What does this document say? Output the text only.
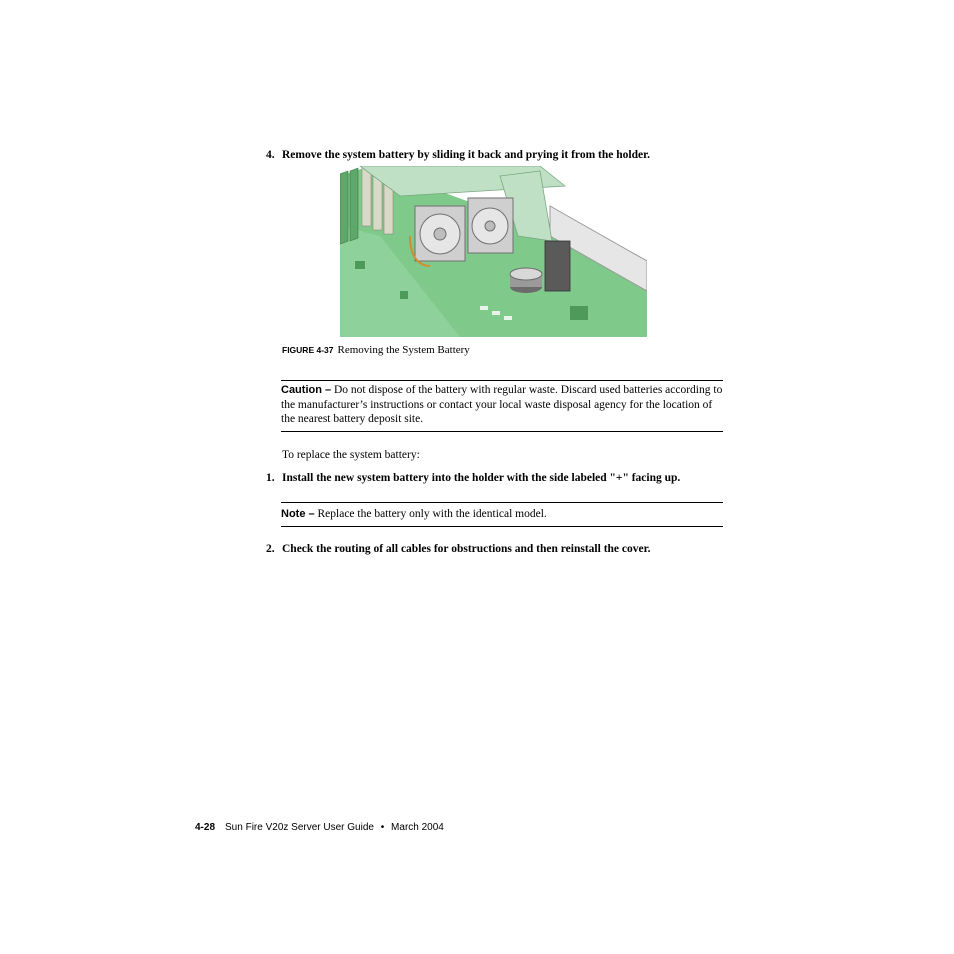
4. Remove the system battery by sliding it back and prying it from the holder.
FIGURE 4-37 Removing the System Battery
Caution – Do not dispose of the battery with regular waste. Discard used batteries according to the manufacturer’s instructions or contact your local waste disposal agency for the location of the nearest battery deposit site.
To replace the system battery:
1. Install the new system battery into the holder with the side labeled "+" facing up.
Note – Replace the battery only with the identical model.
2. Check the routing of all cables for obstructions and then reinstall the cover.
4-28 Sun Fire V20z Server User Guide • March 2004
